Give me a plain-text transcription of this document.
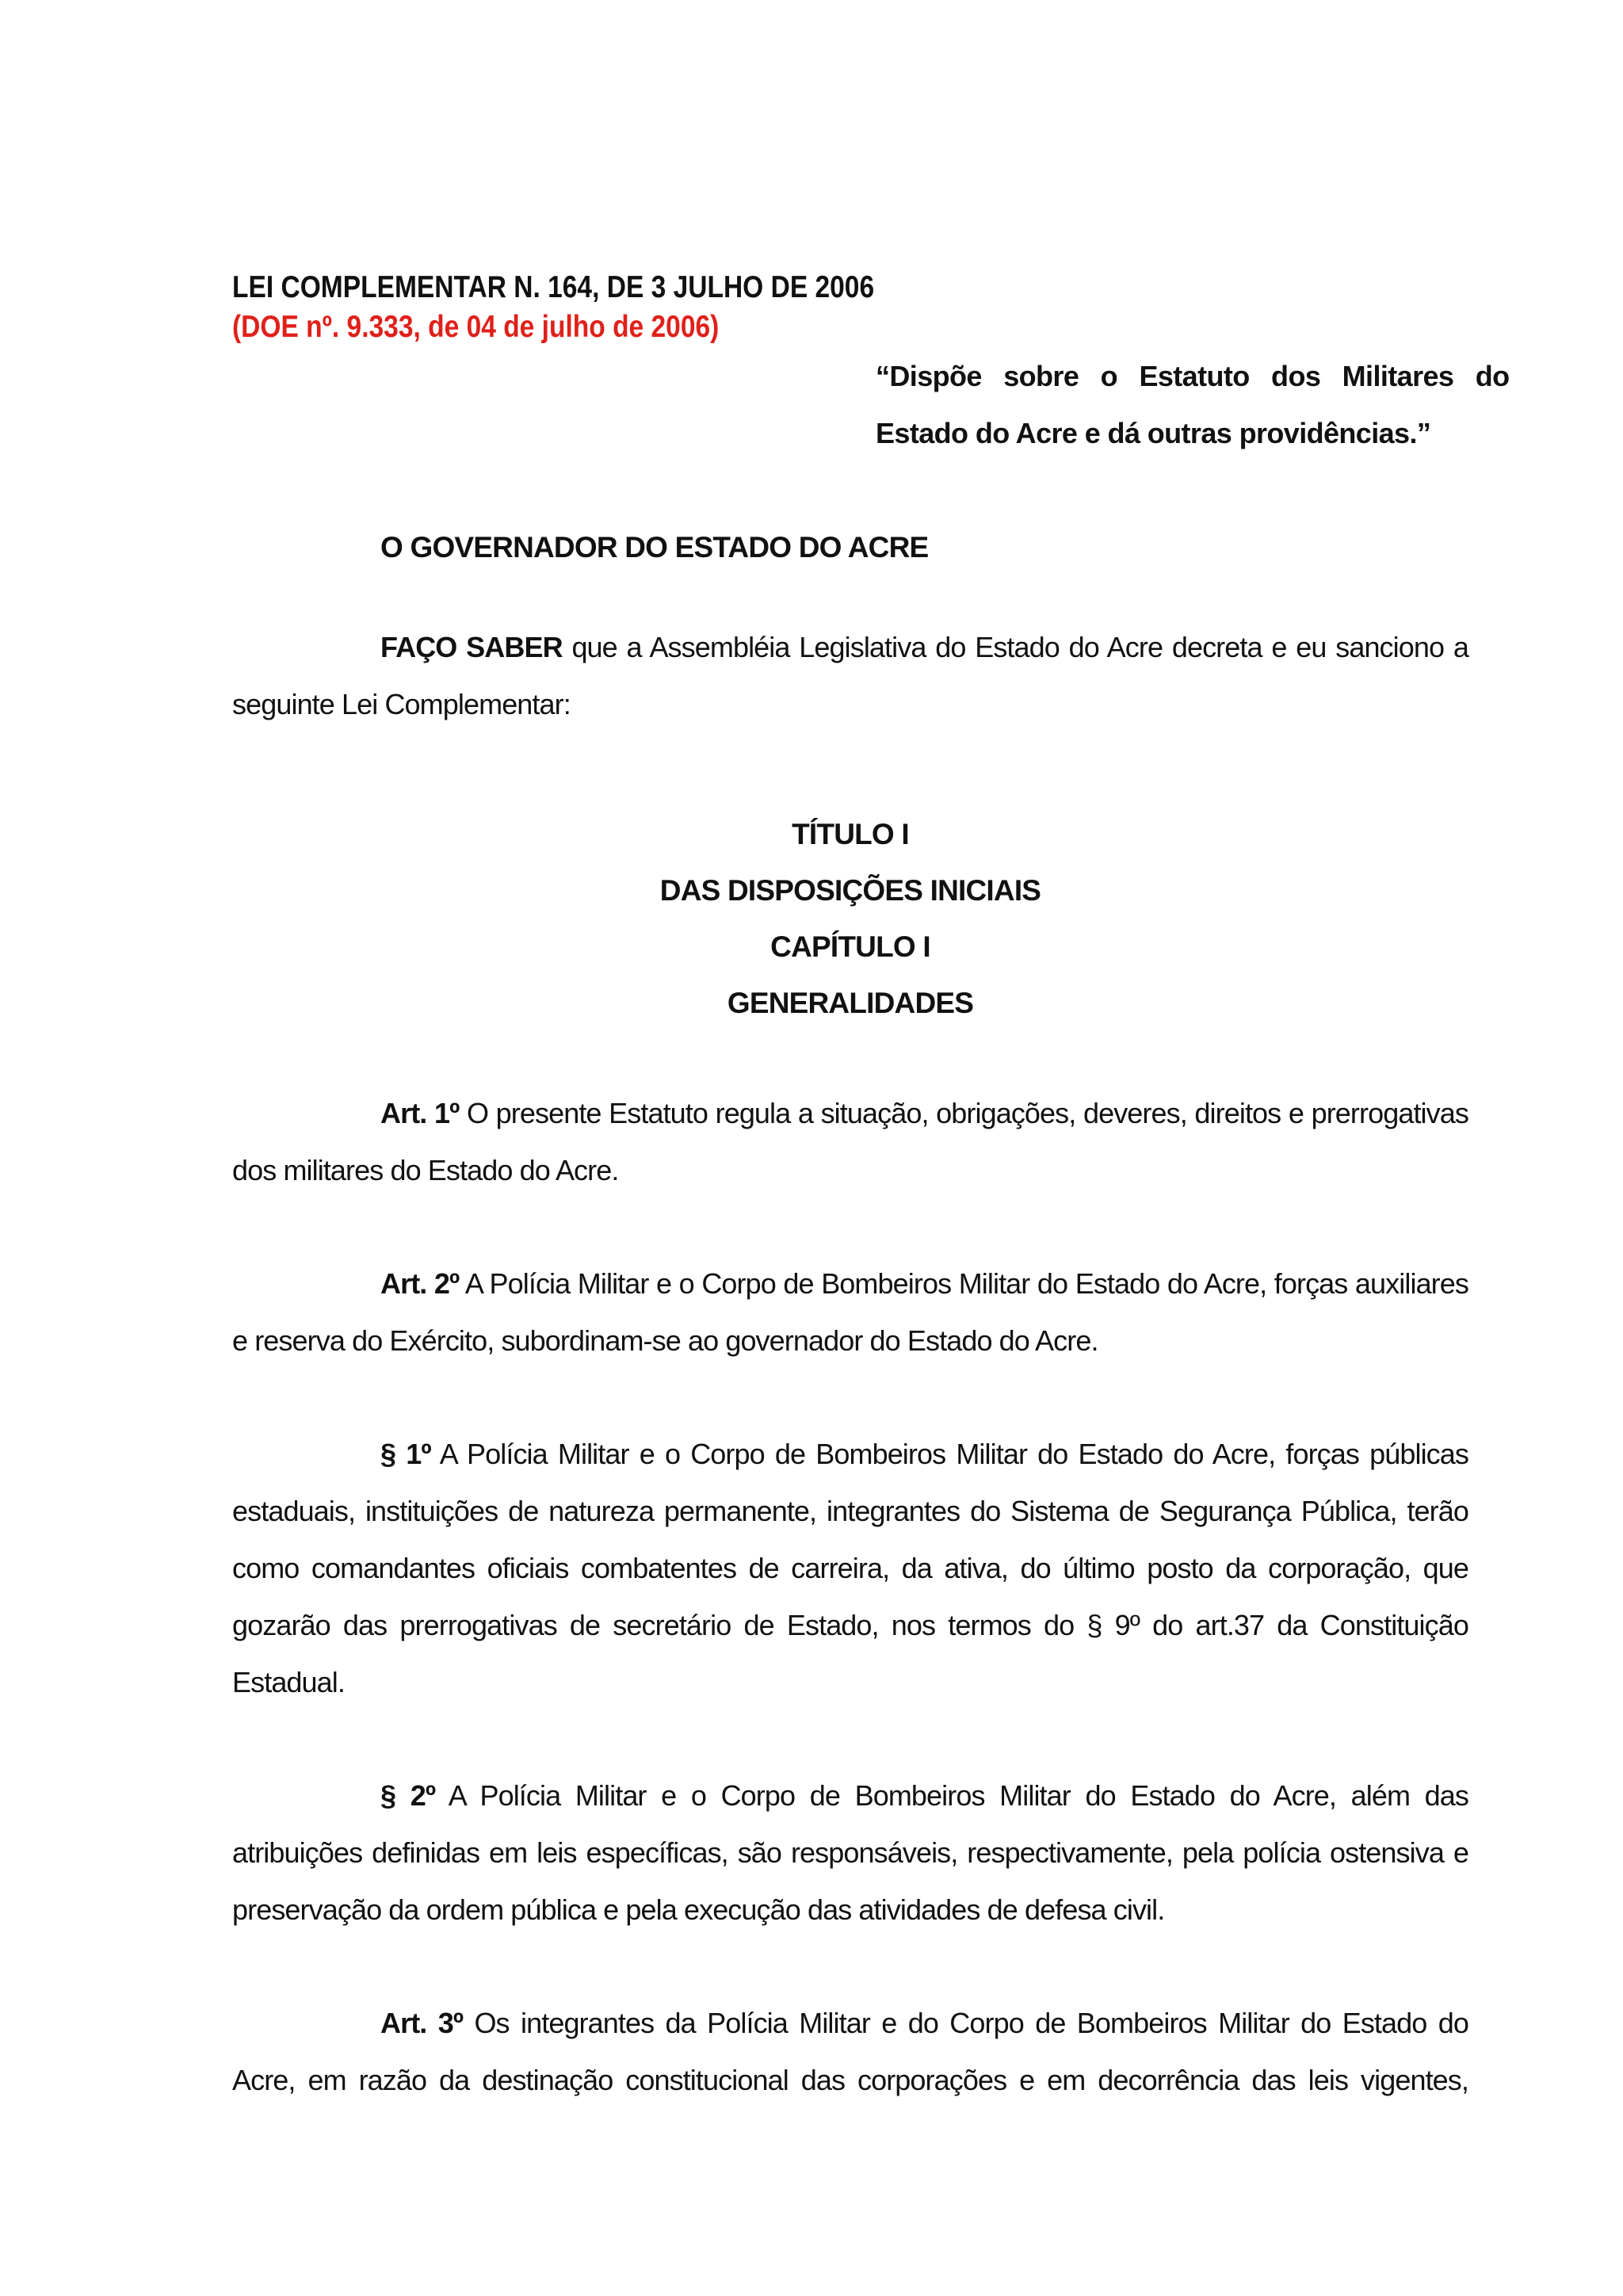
LEI COMPLEMENTAR N. 164, DE 3 JULHO DE 2006
(DOE nº. 9.333, de 04 de julho de 2006)
“Dispõe sobre o Estatuto dos Militares do
Estado do Acre e dá outras providências.”
O GOVERNADOR DO ESTADO DO ACRE
FAÇO SABER que a Assembléia Legislativa do Estado do Acre decreta e eu sanciono a
seguinte Lei Complementar:
TÍTULO I
DAS DISPOSIÇÕES INICIAIS
CAPÍTULO I
GENERALIDADES
Art. 1º O presente Estatuto regula a situação, obrigações, deveres, direitos e prerrogativas
dos militares do Estado do Acre.
Art. 2º A Polícia Militar e o Corpo de Bombeiros Militar do Estado do Acre, forças auxiliares
e reserva do Exército, subordinam-se ao governador do Estado do Acre.
§ 1º A Polícia Militar e o Corpo de Bombeiros Militar do Estado do Acre, forças públicas
estaduais, instituições de natureza permanente, integrantes do Sistema de Segurança Pública, terão
como comandantes oficiais combatentes de carreira, da ativa, do último posto da corporação, que
gozarão das prerrogativas de secretário de Estado, nos termos do § 9º do art.37 da Constituição
Estadual.
§ 2º A Polícia Militar e o Corpo de Bombeiros Militar do Estado do Acre, além das
atribuições definidas em leis específicas, são responsáveis, respectivamente, pela polícia ostensiva e
preservação da ordem pública e pela execução das atividades de defesa civil.
Art. 3º Os integrantes da Polícia Militar e do Corpo de Bombeiros Militar do Estado do
Acre, em razão da destinação constitucional das corporações e em decorrência das leis vigentes,
